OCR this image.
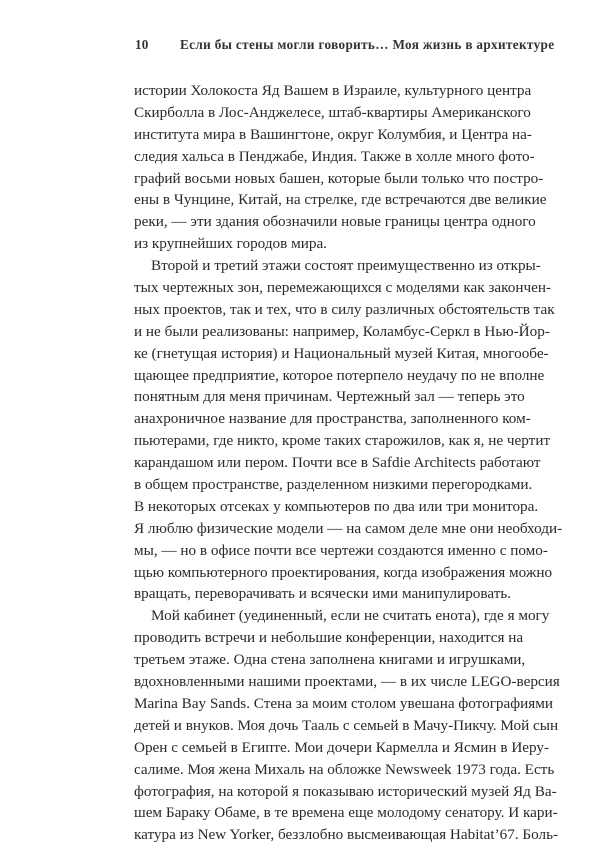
10 Если бы стены могли говорить… Моя жизнь в архитектуре
истории Холокоста Яд Вашем в Израиле, культурного центра
Скирболла в Лос-Анджелесе, штаб-квартиры Американского
института мира в Вашингтоне, округ Колумбия, и Центра на-
следия хальса в Пенджабе, Индия. Также в холле много фото-
графий восьми новых башен, которые были только что постро-
ены в Чунцине, Китай, на стрелке, где встречаются две великие
реки, — эти здания обозначили новые границы центра одного
из крупнейших городов мира.
Второй и третий этажи состоят преимущественно из откры-
тых чертежных зон, перемежающихся с моделями как закончен-
ных проектов, так и тех, что в силу различных обстоятельств так
и не были реализованы: например, Коламбус-Серкл в Нью-Йор-
ке (гнетущая история) и Национальный музей Китая, многообе-
щающее предприятие, которое потерпело неудачу по не вполне
понятным для меня причинам. Чертежный зал — теперь это
анахроничное название для пространства, заполненного ком-
пьютерами, где никто, кроме таких старожилов, как я, не чертит
карандашом или пером. Почти все в Safdie Architects работают
в общем пространстве, разделенном низкими перегородками.
В некоторых отсеках у компьютеров по два или три монитора.
Я люблю физические модели — на самом деле мне они необходи-
мы, — но в офисе почти все чертежи создаются именно с помо-
щью компьютерного проектирования, когда изображения можно
вращать, переворачивать и всячески ими манипулировать.
Мой кабинет (уединенный, если не считать енота), где я могу
проводить встречи и небольшие конференции, находится на
третьем этаже. Одна стена заполнена книгами и игрушками,
вдохновленными нашими проектами, — в их числе LEGO-версия
Marina Bay Sands. Стена за моим столом увешана фотографиями
детей и внуков. Моя дочь Тааль с семьей в Мачу-Пикчу. Мой сын
Орен с семьей в Египте. Мои дочери Кармелла и Ясмин в Иеру-
салиме. Моя жена Михаль на обложке Newsweek 1973 года. Есть
фотография, на которой я показываю исторический музей Яд Ва-
шем Бараку Обаме, в те времена еще молодому сенатору. И кари-
катура из New Yorker, беззлобно высмеивающая Habitat’67. Боль-
